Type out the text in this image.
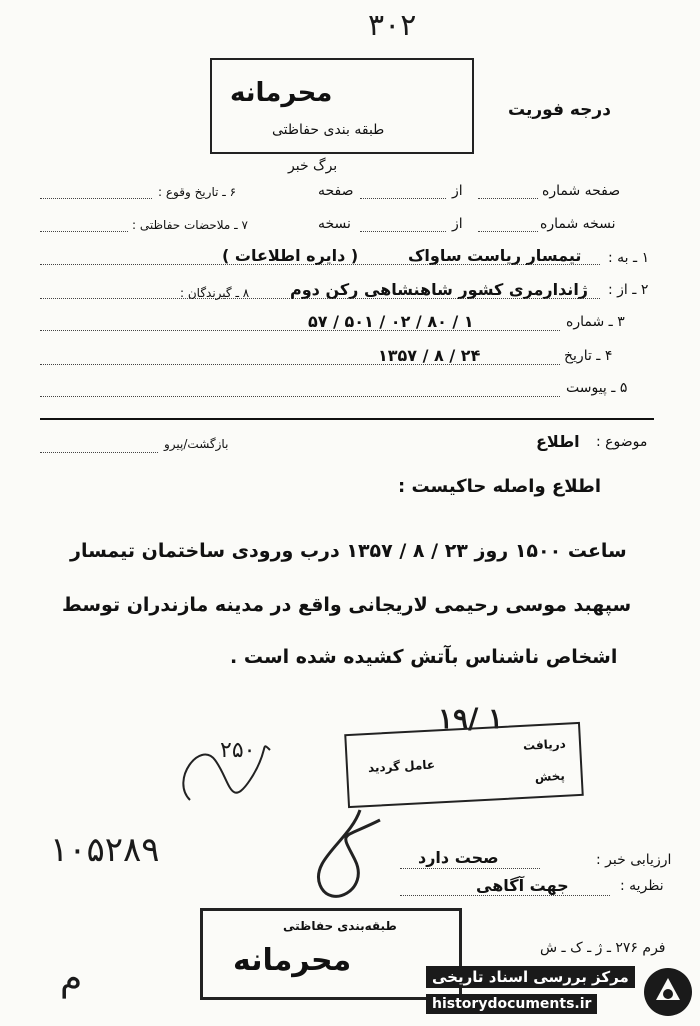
۳۰۲
محرمانه
طبقه بندی حفاظتی
درجه فوریت
برگ خبر
صفحه شماره
از
صفحه
۶ ـ تاریخ وقوع :
نسخه شماره
از
نسخه
۷ ـ ملاحضات حفاظتی :
۱ ـ به :
تیمسار ریاست ساواک
( دایره اطلاعات )
۲ ـ از :
ژاندارمری کشور شاهنشاهی رکن دوم
۸ ـ گیرندگان :
۳ ـ شماره
۵۷ / ۵۰۱ / ۰۲ / ۸۰ / ۱
۴ ـ تاریخ
۱۳۵۷ / ۸ / ۲۴
۵ ـ پیوست
موضوع :
اطلاع
بازگشت/پیرو
اطلاع واصله حاکیست :
ساعت ۱۵۰۰ روز ۲۳ / ۸ / ۱۳۵۷ درب ورودی ساختمان تیمسار
سپهبد موسی رحیمی لاریجانی واقع در مدینه مازندران توسط
اشخاص ناشناس بآتش کشیده شده است .
۱۹/ ۱
۲۵۰	دریافت
پخش
عامل گردید
۱۰۵۲۸۹	ارزیابی خبر :
صحت دارد
نظریه :
جهت آگاهی
طبقه‌بندی حفاظتی
محرمانه	فرم ۲۷۶ ـ ژ ـ ک ـ ش
م	مرکز بررسی اسناد تاریخی
historydocuments.ir
